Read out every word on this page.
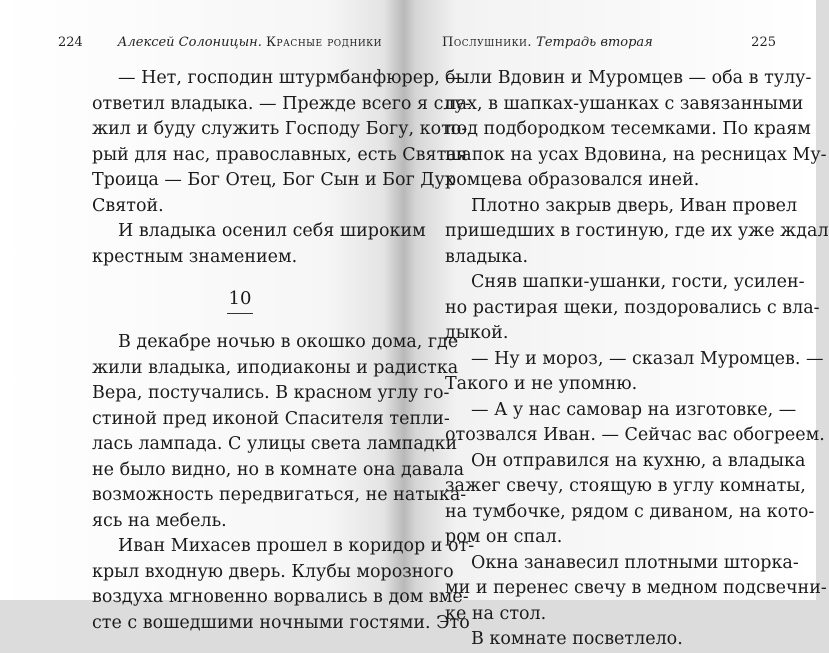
224	Алексей Солоницын. Красные родники
— Нет, господин штурмбанфюрер, —
ответил владыка. — Прежде всего я слу-
жил и буду служить Господу Богу, кото-
рый для нас, православных, есть Святая
Троица — Бог Отец, Бог Сын и Бог Дух
Святой.
И владыка осенил себя широким
крестным знамением.
10
В декабре ночью в окошко дома, где
жили владыка, иподиаконы и радистка
Вера, постучались. В красном углу го-
стиной пред иконой Спасителя тепли-
лась лампада. С улицы света лампадки
не было видно, но в комнате она давала
возможность передвигаться, не натыка-
ясь на мебель.
Иван Михасев прошел в коридор и от-
крыл входную дверь. Клубы морозного
воздуха мгновенно ворвались в дом вме-
сте с вошедшими ночными гостями. Это
Послушники. Тетрадь вторая	225
были Вдовин и Муромцев — оба в тулу-
пах, в шапках-ушанках с завязанными
под подбородком тесемками. По краям
шапок на усах Вдовина, на ресницах Му-
ромцева образовался иней.
Плотно закрыв дверь, Иван провел
пришедших в гостиную, где их уже ждал
владыка.
Сняв шапки-ушанки, гости, усилен-
но растирая щеки, поздоровались с вла-
дыкой.
— Ну и мороз, — сказал Муромцев. —
Такого и не упомню.
— А у нас самовар на изготовке, —
отозвался Иван. — Сейчас вас обогреем.
Он отправился на кухню, а владыка
зажег свечу, стоящую в углу комнаты,
на тумбочке, рядом с диваном, на кото-
ром он спал.
Окна занавесил плотными шторка-
ми и перенес свечу в медном подсвечни-
ке на стол.
В комнате посветлело.
